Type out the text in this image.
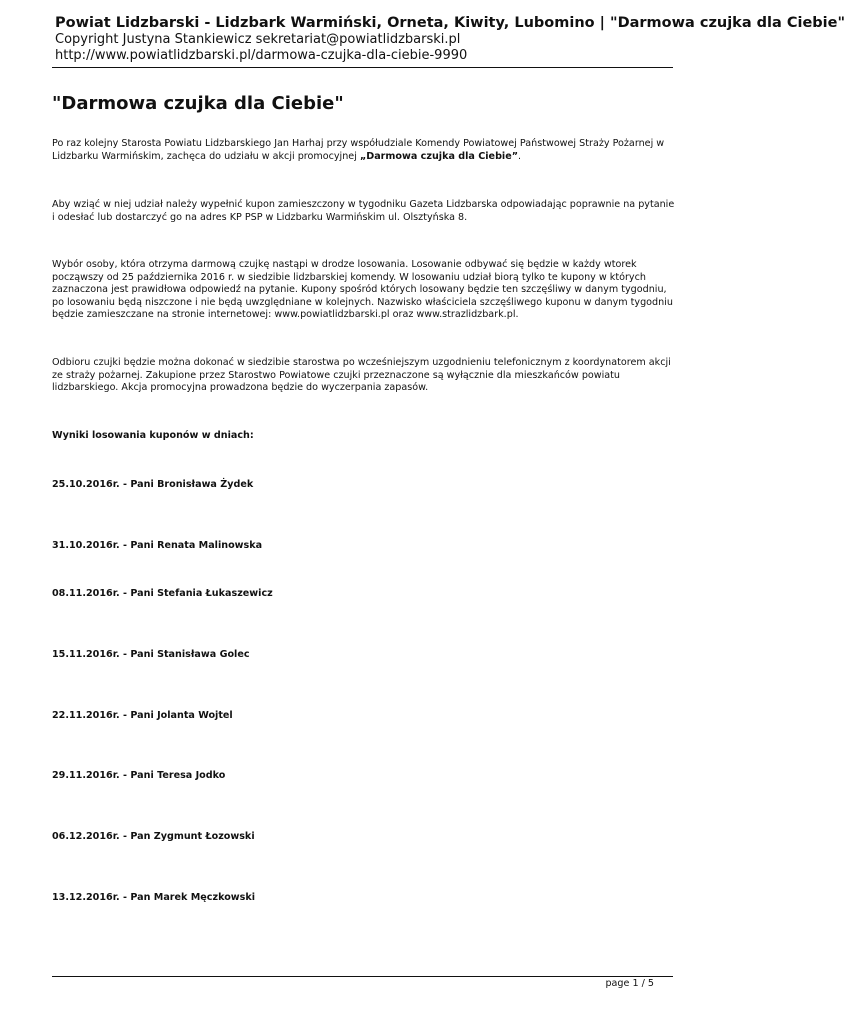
Powiat Lidzbarski - Lidzbark Warmiński, Orneta, Kiwity, Lubomino | "Darmowa czujka dla Ciebie"
Copyright Justyna Stankiewicz sekretariat@powiatlidzbarski.pl
http://www.powiatlidzbarski.pl/darmowa-czujka-dla-ciebie-9990
"Darmowa czujka dla Ciebie"

Po raz kolejny Starosta Powiatu Lidzbarskiego Jan Harhaj przy współudziale Komendy Powiatowej Państwowej Straży Pożarnej w Lidzbarku Warmińskim, zachęca do udziału w akcji promocyjnej „Darmowa czujka dla Ciebie”.

Aby wziąć w niej udział należy wypełnić kupon zamieszczony w tygodniku Gazeta Lidzbarska odpowiadając poprawnie na pytanie i odesłać lub dostarczyć go na adres KP PSP w Lidzbarku Warmińskim ul. Olsztyńska 8.

Wybór osoby, która otrzyma darmową czujkę nastąpi w drodze losowania. Losowanie odbywać się będzie w każdy wtorek począwszy od 25 października 2016 r. w siedzibie lidzbarskiej komendy. W losowaniu udział biorą tylko te kupony w których zaznaczona jest prawidłowa odpowiedź na pytanie. Kupony spośród których losowany będzie ten szczęśliwy w danym tygodniu, po losowaniu będą niszczone i nie będą uwzględniane w kolejnych. Nazwisko właściciela szczęśliwego kuponu w danym tygodniu będzie zamieszczane na stronie internetowej: www.powiatlidzbarski.pl oraz www.strazlidzbark.pl.

Odbioru czujki będzie można dokonać w siedzibie starostwa po wcześniejszym uzgodnieniu telefonicznym z koordynatorem akcji ze straży pożarnej. Zakupione przez Starostwo Powiatowe czujki przeznaczone są wyłącznie dla mieszkańców powiatu lidzbarskiego. Akcja promocyjna prowadzona będzie do wyczerpania zapasów.

Wyniki losowania kuponów w dniach:

25.10.2016r. - Pani Bronisława Żydek

31.10.2016r. - Pani Renata Malinowska

08.11.2016r. - Pani Stefania Łukaszewicz

15.11.2016r. - Pani Stanisława Golec

22.11.2016r. - Pani Jolanta Wojtel

29.11.2016r. - Pani Teresa Jodko

06.12.2016r. - Pan Zygmunt Łozowski

13.12.2016r. - Pan Marek Męczkowski

page 1 / 5
